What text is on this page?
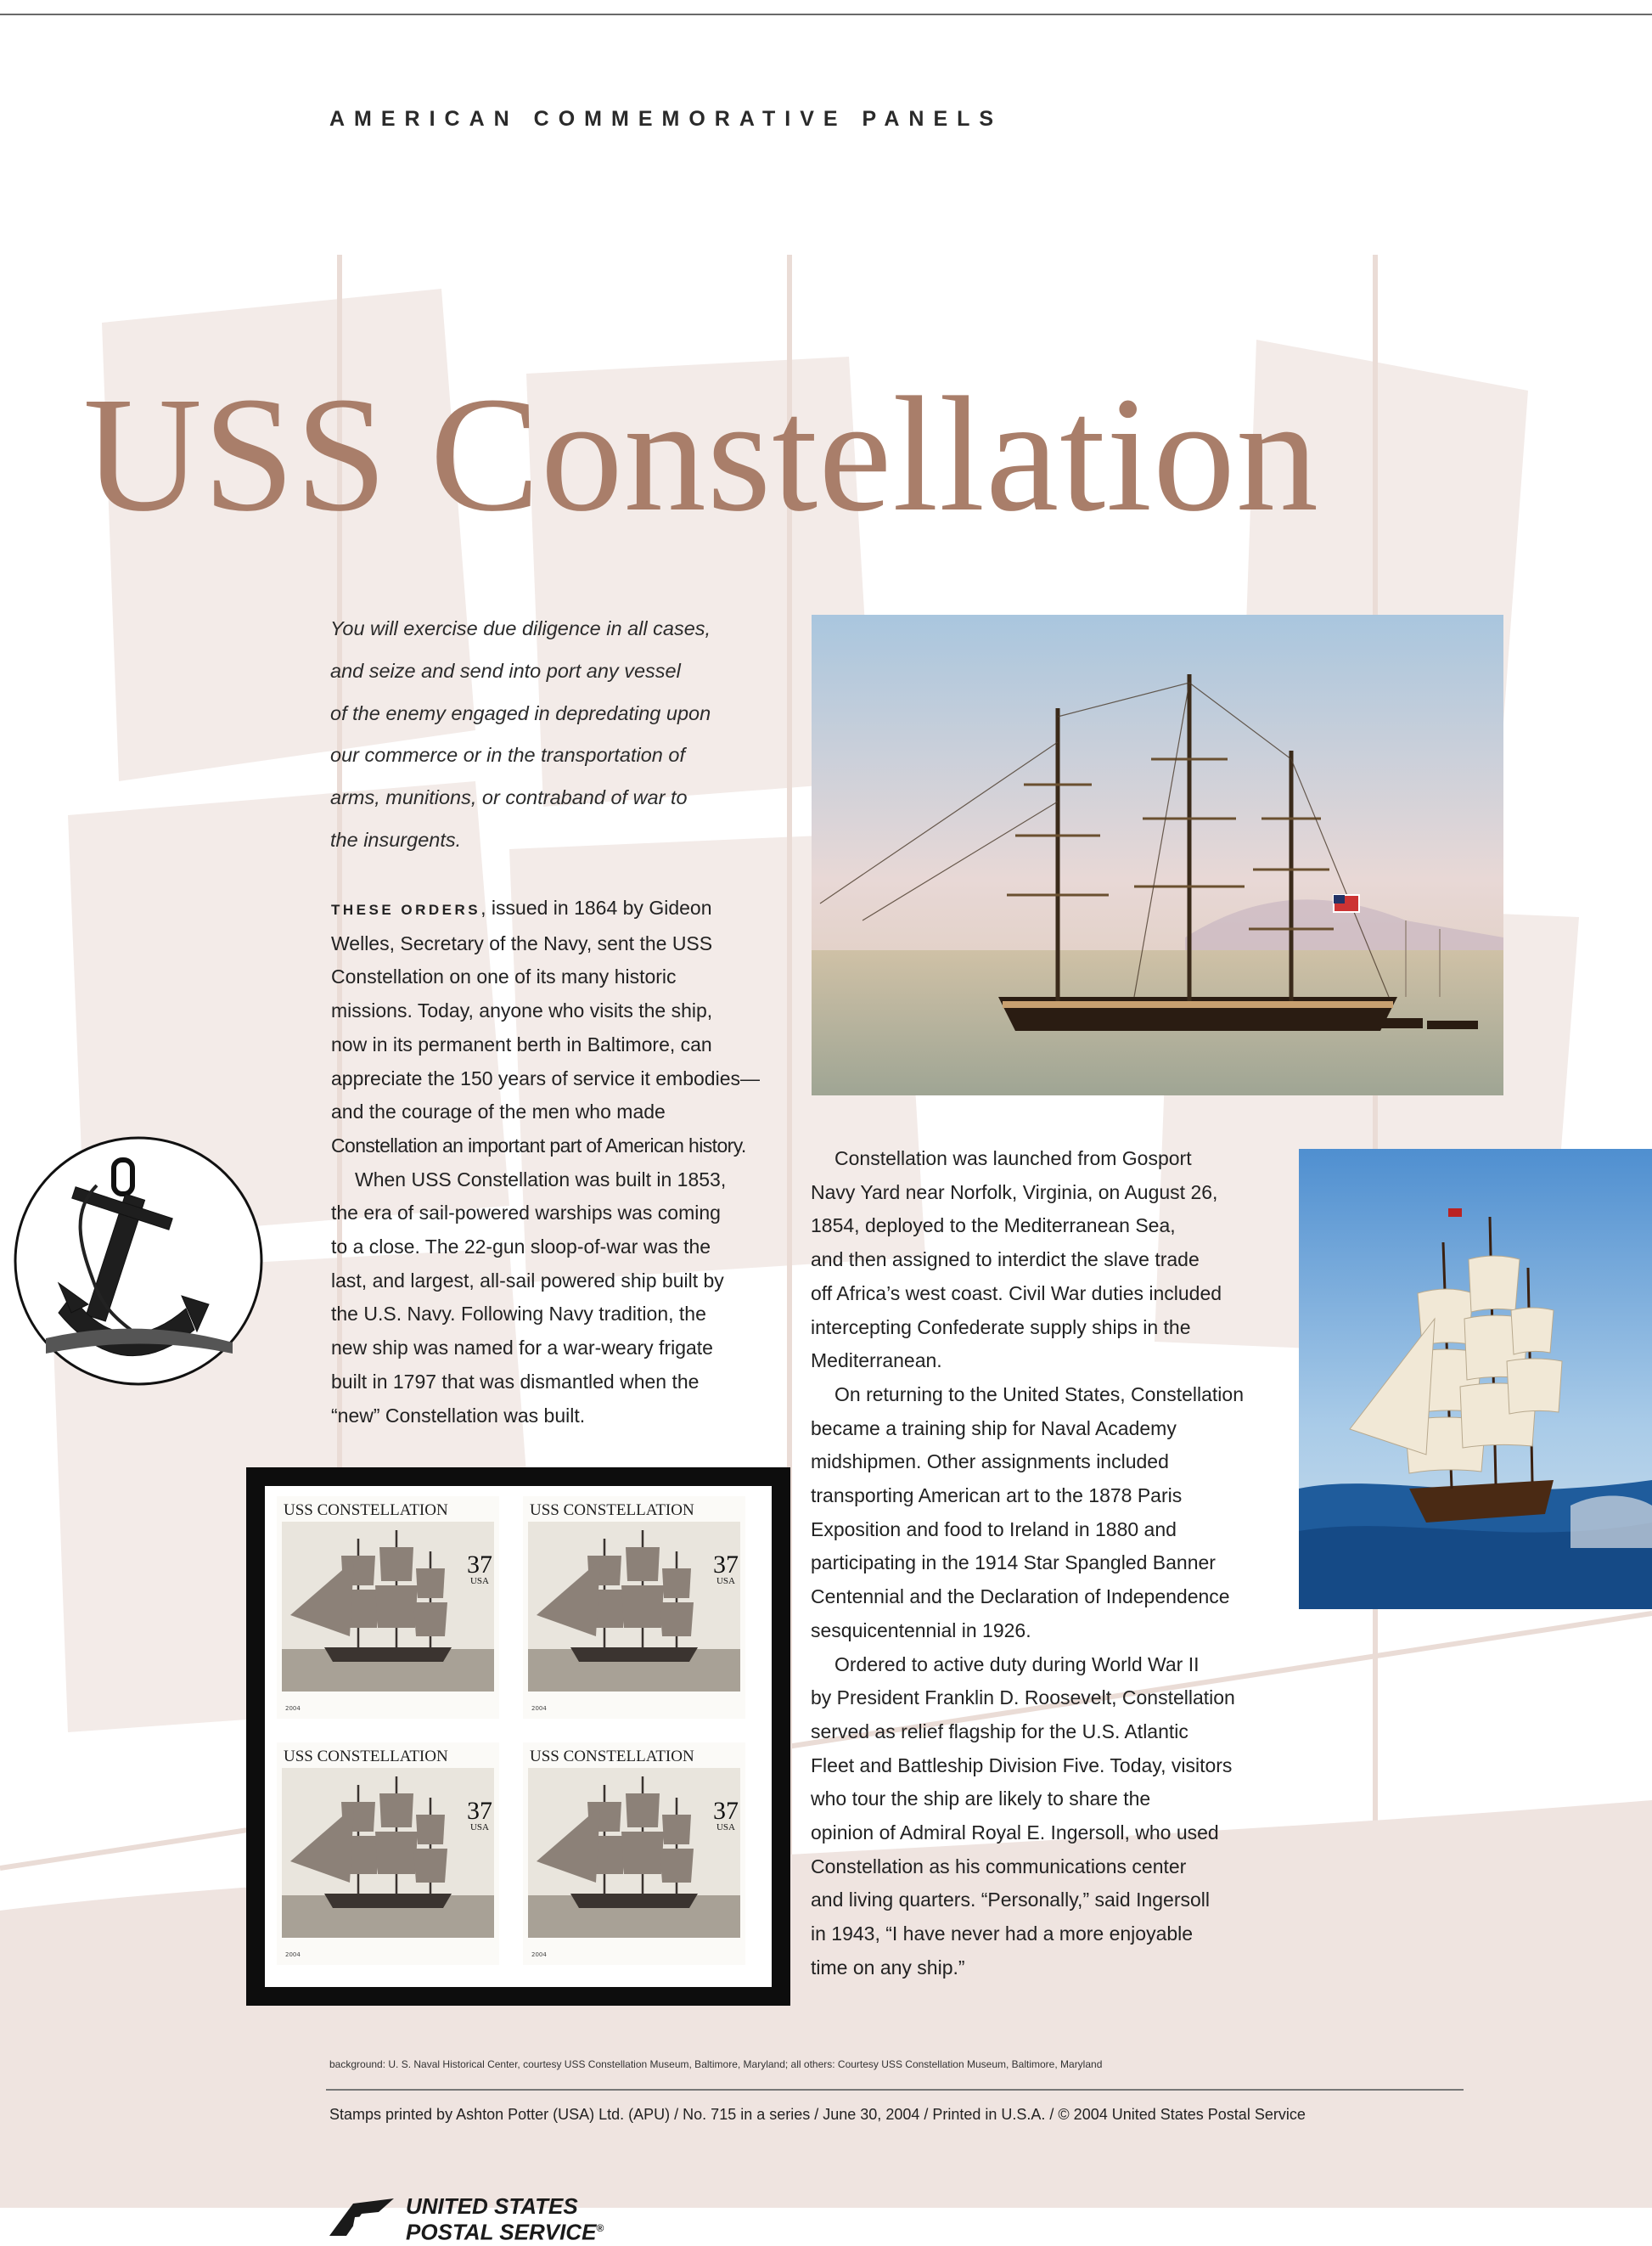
AMERICAN COMMEMORATIVE PANELS
USS Constellation
You will exercise due diligence in all cases,
and seize and send into port any vessel
of the enemy engaged in depredating upon
our commerce or in the transportation of
arms, munitions, or contraband of war to
the insurgents.
THESE ORDERS, issued in 1864 by Gideon
Welles, Secretary of the Navy, sent the USS
Constellation on one of its many historic
missions. Today, anyone who visits the ship,
now in its permanent berth in Baltimore, can
appreciate the 150 years of service it embodies—
and the courage of the men who made
Constellation an important part of American history.
When USS Constellation was built in 1853,
the era of sail-powered warships was coming
to a close. The 22-gun sloop-of-war was the
last, and largest, all-sail powered ship built by
the U.S. Navy. Following Navy tradition, the
new ship was named for a war-weary frigate
built in 1797 that was dismantled when the
“new” Constellation was built.
Constellation was launched from Gosport
Navy Yard near Norfolk, Virginia, on August 26,
1854, deployed to the Mediterranean Sea,
and then assigned to interdict the slave trade
off Africa’s west coast. Civil War duties included
intercepting Confederate supply ships in the
Mediterranean.
On returning to the United States, Constellation
became a training ship for Naval Academy
midshipmen. Other assignments included
transporting American art to the 1878 Paris
Exposition and food to Ireland in 1880 and
participating in the 1914 Star Spangled Banner
Centennial and the Declaration of Independence
sesquicentennial in 1926.
Ordered to active duty during World War II
by President Franklin D. Roosevelt, Constellation
served as relief flagship for the U.S. Atlantic
Fleet and Battleship Division Five. Today, visitors
who tour the ship are likely to share the
opinion of Admiral Royal E. Ingersoll, who used
Constellation as his communications center
and living quarters. “Personally,” said Ingersoll
in 1943, “I have never had a more enjoyable
time on any ship.”
USS CONSTELLATION
37
USA
2004
USS CONSTELLATION
37
USA
2004
USS CONSTELLATION
37
USA
2004
USS CONSTELLATION
37
USA
2004
background: U. S. Naval Historical Center, courtesy USS Constellation Museum, Baltimore, Maryland; all others: Courtesy USS Constellation Museum, Baltimore, Maryland
Stamps printed by Ashton Potter (USA) Ltd. (APU) / No. 715 in a series / June 30, 2004 / Printed in U.S.A. / © 2004 United States Postal Service
UNITED STATES
POSTAL SERVICE®
